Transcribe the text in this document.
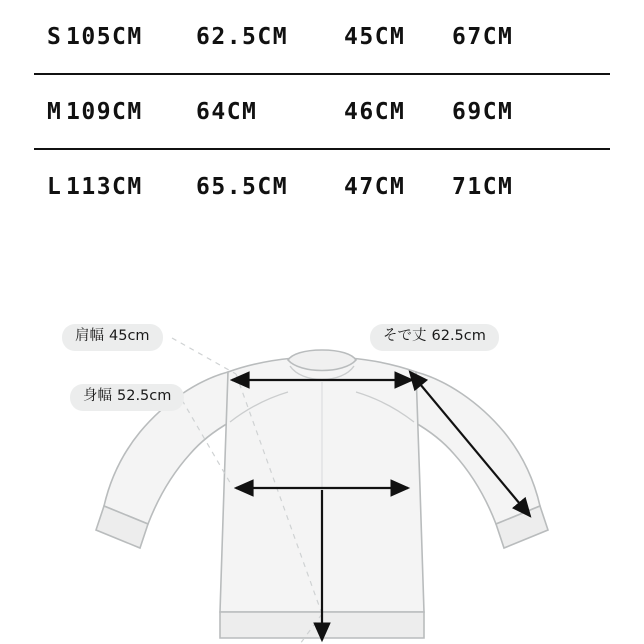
S 105CM	62.5CM	45CM	67CM
M 109CM	64CM	46CM	69CM
L 113CM	65.5CM	47CM	71CM
肩幅 45cm
身幅 52.5cm
そで丈 62.5cm
